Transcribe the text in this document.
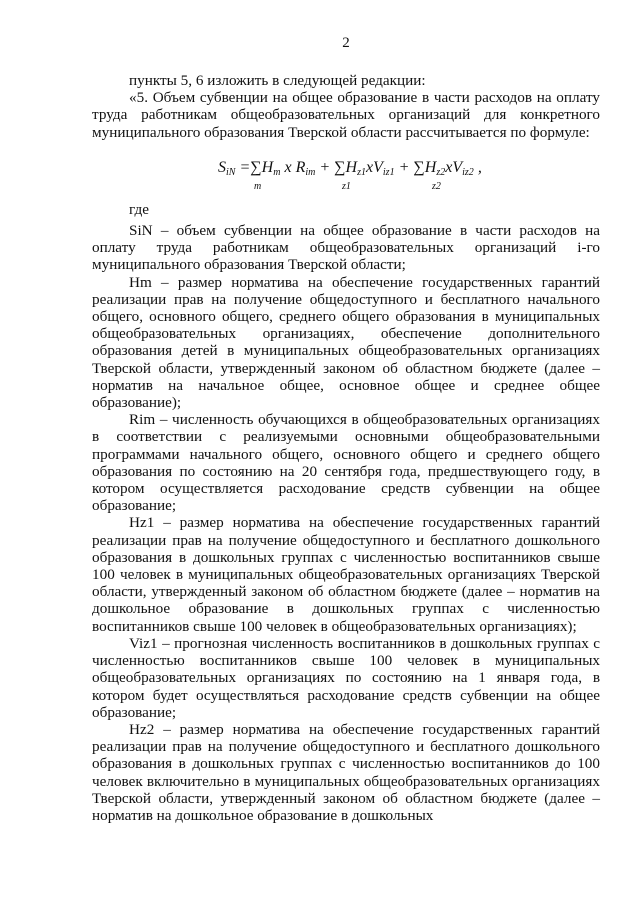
2

пункты 5, 6 изложить в следующей редакции:

«5. Объем субвенции на общее образование в части расходов на оплату труда работникам общеобразовательных организаций для конкретного муниципального образования Тверской области рассчитывается по формуле:

$S_{iN} =\sum H_m$ x $R_{im} + \sum H_{z1}xV_{iz1} + \sum H_{z2}xV_{iz2}$ ,
m	z1	z2

где

SiN – объем субвенции на общее образование в части расходов на оплату труда работникам общеобразовательных организаций i-го муниципального образования Тверской области;

Hm – размер норматива на обеспечение государственных гарантий реализации прав на получение общедоступного и бесплатного начального общего, основного общего, среднего общего образования в муниципальных общеобразовательных организациях, обеспечение дополнительного образования детей в муниципальных общеобразовательных организациях Тверской области, утвержденный законом об областном бюджете (далее – норматив на начальное общее, основное общее и среднее общее образование);

Rim – численность обучающихся в общеобразовательных организациях в соответствии с реализуемыми основными общеобразовательными программами начального общего, основного общего и среднего общего образования по состоянию на 20 сентября года, предшествующего году, в котором осуществляется расходование средств субвенции на общее образование;

Hz1 – размер норматива на обеспечение государственных гарантий реализации прав на получение общедоступного и бесплатного дошкольного образования в дошкольных группах с численностью воспитанников свыше 100 человек в муниципальных общеобразовательных организациях Тверской области, утвержденный законом об областном бюджете (далее – норматив на дошкольное образование в дошкольных группах с численностью воспитанников свыше 100 человек в общеобразовательных организациях);

Viz1 – прогнозная численность воспитанников в дошкольных группах с численностью воспитанников свыше 100 человек в муниципальных общеобразовательных организациях по состоянию на 1 января года, в котором будет осуществляться расходование средств субвенции на общее образование;

Hz2 – размер норматива на обеспечение государственных гарантий реализации прав на получение общедоступного и бесплатного дошкольного образования в дошкольных группах с численностью воспитанников до 100 человек включительно в муниципальных общеобразовательных организациях Тверской области, утвержденный законом об областном бюджете (далее – норматив на дошкольное образование в дошкольных
